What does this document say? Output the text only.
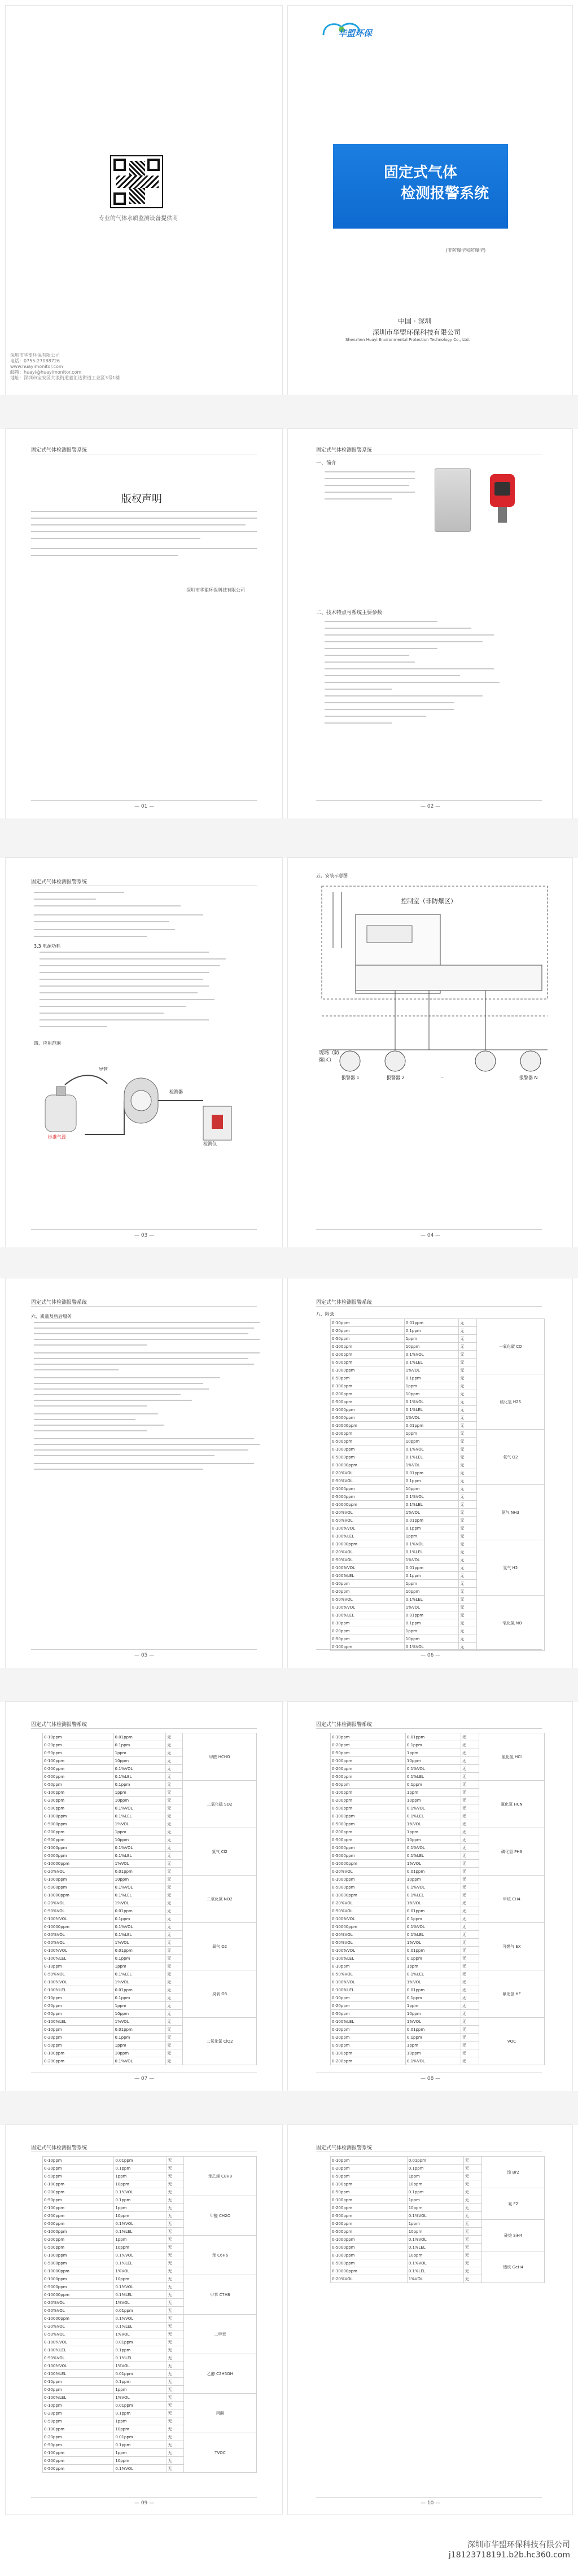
华盟环保
专业的气体水质监测设备提供商
固定式气体
检测报警系统
(非防爆型和防爆型)
中国 · 深圳
深圳市华盟环保科技有限公司
Shenzhen Huayi Environmental Protection Technology Co., Ltd.
深圳市华盟环保有限公司
电话：0755-27088726
www.huayimonitor.com
邮箱：huayi@huayimonitor.com
地址：深圳市宝安区大浪街道嘉汇达街道工业区3号1楼
固定式气体检测报警系统
版权声明
深圳市华盟环保科技有限公司
— 01 —
固定式气体检测报警系统
一、简介
二、技术特点与系统主要参数
— 02 —
固定式气体检测报警系统
3.3 电源功耗
四、应用范围
标准气源
导管
检测器
检测仪
— 03 —
五、安装示意图
控制室（非防爆区）
现场（防爆区）
报警器 1	报警器 2	···	报警器 N
— 04 —
固定式气体检测报警系统
六、质量及售后服务
— 05 —
固定式气体检测报警系统
八、附录
0-10ppm	0.01ppm	无	一氧化碳 CO
0-20ppm	0.1ppm	无	
0-50ppm	1ppm	无	
0-100ppm	10ppm	无	
0-200ppm	0.1%VOL	无	
0-500ppm	0.1%LEL	无	
0-1000ppm	1%VOL	无	
0-50ppm	0.1ppm	无	硫化氢 H2S
0-100ppm	1ppm	无	
0-200ppm	10ppm	无	
0-500ppm	0.1%VOL	无	
0-1000ppm	0.1%LEL	无	
0-5000ppm	1%VOL	无	
0-10000ppm	0.01ppm	无	
0-200ppm	1ppm	无	氧气 O2
0-500ppm	10ppm	无	
0-1000ppm	0.1%VOL	无	
0-5000ppm	0.1%LEL	无	
0-10000ppm	1%VOL	无	
0-20%VOL	0.01ppm	无	
0-50%VOL	0.1ppm	无	
0-1000ppm	10ppm	无	氨气 NH3
0-5000ppm	0.1%VOL	无	
0-10000ppm	0.1%LEL	无	
0-20%VOL	1%VOL	无	
0-50%VOL	0.01ppm	无	
0-100%VOL	0.1ppm	无	
0-100%LEL	1ppm	无	
0-10000ppm	0.1%VOL	无	氢气 H2
0-20%VOL	0.1%LEL	无	
0-50%VOL	1%VOL	无	
0-100%VOL	0.01ppm	无	
0-100%LEL	0.1ppm	无	
0-10ppm	1ppm	无	
0-20ppm	10ppm	无	
0-50%VOL	0.1%LEL	无	一氧化氮 NO
0-100%VOL	1%VOL	无	
0-100%LEL	0.01ppm	无	
0-10ppm	0.1ppm	无	
0-20ppm	1ppm	无	
0-50ppm	10ppm	无	
0-100ppm	0.1%VOL	无	
— 06 —
固定式气体检测报警系统
0-10ppm	0.01ppm	无	甲醛 HCHO
0-20ppm	0.1ppm	无	
0-50ppm	1ppm	无	
0-100ppm	10ppm	无	
0-200ppm	0.1%VOL	无	
0-500ppm	0.1%LEL	无	
0-50ppm	0.1ppm	无	二氧化硫 SO2
0-100ppm	1ppm	无	
0-200ppm	10ppm	无	
0-500ppm	0.1%VOL	无	
0-1000ppm	0.1%LEL	无	
0-5000ppm	1%VOL	无	
0-200ppm	1ppm	无	氯气 Cl2
0-500ppm	10ppm	无	
0-1000ppm	0.1%VOL	无	
0-5000ppm	0.1%LEL	无	
0-10000ppm	1%VOL	无	
0-20%VOL	0.01ppm	无	
0-1000ppm	10ppm	无	二氧化氮 NO2
0-5000ppm	0.1%VOL	无	
0-10000ppm	0.1%LEL	无	
0-20%VOL	1%VOL	无	
0-50%VOL	0.01ppm	无	
0-100%VOL	0.1ppm	无	
0-10000ppm	0.1%VOL	无	氧气 O2
0-20%VOL	0.1%LEL	无	
0-50%VOL	1%VOL	无	
0-100%VOL	0.01ppm	无	
0-100%LEL	0.1ppm	无	
0-10ppm	1ppm	无	
0-50%VOL	0.1%LEL	无	臭氧 O3
0-100%VOL	1%VOL	无	
0-100%LEL	0.01ppm	无	
0-10ppm	0.1ppm	无	
0-20ppm	1ppm	无	
0-50ppm	10ppm	无	
0-100%LEL	1%VOL	无	二氧化氯 ClO2
0-10ppm	0.01ppm	无	
0-20ppm	0.1ppm	无	
0-50ppm	1ppm	无	
0-100ppm	10ppm	无	
0-200ppm	0.1%VOL	无	
— 07 —
固定式气体检测报警系统
0-10ppm	0.01ppm	无	氯化氢 HCl
0-20ppm	0.1ppm	无	
0-50ppm	1ppm	无	
0-100ppm	10ppm	无	
0-200ppm	0.1%VOL	无	
0-500ppm	0.1%LEL	无	
0-50ppm	0.1ppm	无	氰化氢 HCN
0-100ppm	1ppm	无	
0-200ppm	10ppm	无	
0-500ppm	0.1%VOL	无	
0-1000ppm	0.1%LEL	无	
0-5000ppm	1%VOL	无	
0-200ppm	1ppm	无	磷化氢 PH3
0-500ppm	10ppm	无	
0-1000ppm	0.1%VOL	无	
0-5000ppm	0.1%LEL	无	
0-10000ppm	1%VOL	无	
0-20%VOL	0.01ppm	无	
0-1000ppm	10ppm	无	甲烷 CH4
0-5000ppm	0.1%VOL	无	
0-10000ppm	0.1%LEL	无	
0-20%VOL	1%VOL	无	
0-50%VOL	0.01ppm	无	
0-100%VOL	0.1ppm	无	
0-10000ppm	0.1%VOL	无	可燃气 EX
0-20%VOL	0.1%LEL	无	
0-50%VOL	1%VOL	无	
0-100%VOL	0.01ppm	无	
0-100%LEL	0.1ppm	无	
0-10ppm	1ppm	无	
0-50%VOL	0.1%LEL	无	氟化氢 HF
0-100%VOL	1%VOL	无	
0-100%LEL	0.01ppm	无	
0-10ppm	0.1ppm	无	
0-20ppm	1ppm	无	
0-50ppm	10ppm	无	
0-100%LEL	1%VOL	无	VOC
0-10ppm	0.01ppm	无	
0-20ppm	0.1ppm	无	
0-50ppm	1ppm	无	
0-100ppm	10ppm	无	
0-200ppm	0.1%VOL	无	
— 08 —
固定式气体检测报警系统
0-10ppm	0.01ppm	无	苯乙烯 C8H8
0-20ppm	0.1ppm	无	
0-50ppm	1ppm	无	
0-100ppm	10ppm	无	
0-200ppm	0.1%VOL	无	
0-50ppm	0.1ppm	无	甲醛 CH2O
0-100ppm	1ppm	无	
0-200ppm	10ppm	无	
0-500ppm	0.1%VOL	无	
0-1000ppm	0.1%LEL	无	
0-200ppm	1ppm	无	苯 C6H6
0-500ppm	10ppm	无	
0-1000ppm	0.1%VOL	无	
0-5000ppm	0.1%LEL	无	
0-10000ppm	1%VOL	无	
0-1000ppm	10ppm	无	甲苯 C7H8
0-5000ppm	0.1%VOL	无	
0-10000ppm	0.1%LEL	无	
0-20%VOL	1%VOL	无	
0-50%VOL	0.01ppm	无	
0-10000ppm	0.1%VOL	无	二甲苯
0-20%VOL	0.1%LEL	无	
0-50%VOL	1%VOL	无	
0-100%VOL	0.01ppm	无	
0-100%LEL	0.1ppm	无	
0-50%VOL	0.1%LEL	无	乙醇 C2H5OH
0-100%VOL	1%VOL	无	
0-100%LEL	0.01ppm	无	
0-10ppm	0.1ppm	无	
0-20ppm	1ppm	无	
0-100%LEL	1%VOL	无	丙酮
0-10ppm	0.01ppm	无	
0-20ppm	0.1ppm	无	
0-50ppm	1ppm	无	
0-100ppm	10ppm	无	
0-20ppm	0.01ppm	无	TVOC
0-50ppm	0.1ppm	无	
0-100ppm	1ppm	无	
0-200ppm	10ppm	无	
0-500ppm	0.1%VOL	无	
— 09 —
固定式气体检测报警系统
0-10ppm	0.01ppm	无	溴 Br2
0-20ppm	0.1ppm	无	
0-50ppm	1ppm	无	
0-100ppm	10ppm	无	
0-50ppm	0.1ppm	无	氟 F2
0-100ppm	1ppm	无	
0-200ppm	10ppm	无	
0-500ppm	0.1%VOL	无	
0-200ppm	1ppm	无	硅烷 SiH4
0-500ppm	10ppm	无	
0-1000ppm	0.1%VOL	无	
0-5000ppm	0.1%LEL	无	
0-1000ppm	10ppm	无	锗烷 GeH4
0-5000ppm	0.1%VOL	无	
0-10000ppm	0.1%LEL	无	
0-20%VOL	1%VOL	无	
— 10 —
深圳市华盟环保科技有限公司
j18123718191.b2b.hc360.com
